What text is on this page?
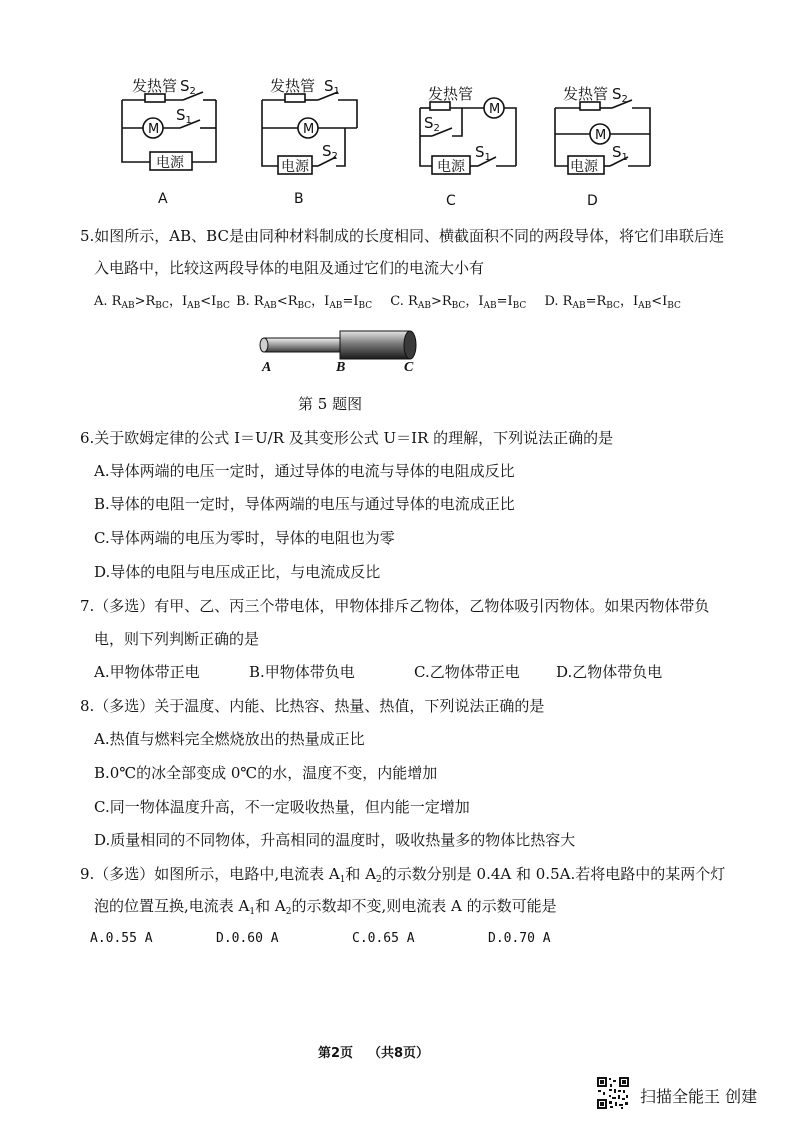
发热管 $S_2$
$S_1$
M
电源
A
发热管 $S_1$
M
电源
$S_2$
B
发热管
M
$S_2$
电源
$S_1$
C
发热管 $S_2$
M
电源
$S_1$
D
5.如图所示，AB、BC是由同种材料制成的长度相同、横截面积不同的两段导体，将它们串联后连
入电路中，比较这两段导体的电阻及通过它们的电流大小有
A. $R_{AB}>R_{BC}$，$I_{AB}<I_{BC}$ B. $R_{AB}<R_{BC}$，$I_{AB}=I_{BC}$ C. $R_{AB}>R_{BC}$，$I_{AB}=I_{BC}$ D. $R_{AB}=R_{BC}$，$I_{AB}<I_{BC}$
A	B	C
第 5 题图
6.关于欧姆定律的公式 I＝U/R 及其变形公式 U＝IR 的理解，下列说法正确的是
A.导体两端的电压一定时，通过导体的电流与导体的电阻成反比
B.导体的电阻一定时，导体两端的电压与通过导体的电流成正比
C.导体两端的电压为零时，导体的电阻也为零
D.导体的电阻与电压成正比，与电流成反比
7.（多选）有甲、乙、丙三个带电体，甲物体排斥乙物体，乙物体吸引丙物体。如果丙物体带负
电，则下列判断正确的是
A.甲物体带正电	B.甲物体带负电	C.乙物体带正电 D.乙物体带负电
8.（多选）关于温度、内能、比热容、热量、热值，下列说法正确的是
A.热值与燃料完全燃烧放出的热量成正比
B.0℃的冰全部变成 0℃的水，温度不变，内能增加
C.同一物体温度升高，不一定吸收热量，但内能一定增加
D.质量相同的不同物体，升高相同的温度时，吸收热量多的物体比热容大
9.（多选）如图所示，电路中,电流表 $A_1$和 $A_2$的示数分别是 0.4A 和 0.5A.若将电路中的某两个灯
泡的位置互换,电流表 $A_1$和 $A_2$的示数却不变,则电流表 A 的示数可能是
A.0.55 A	D.0.60 A	C.0.65 A	D.0.70 A
第2页 （共8页）
扫描全能王 创建
